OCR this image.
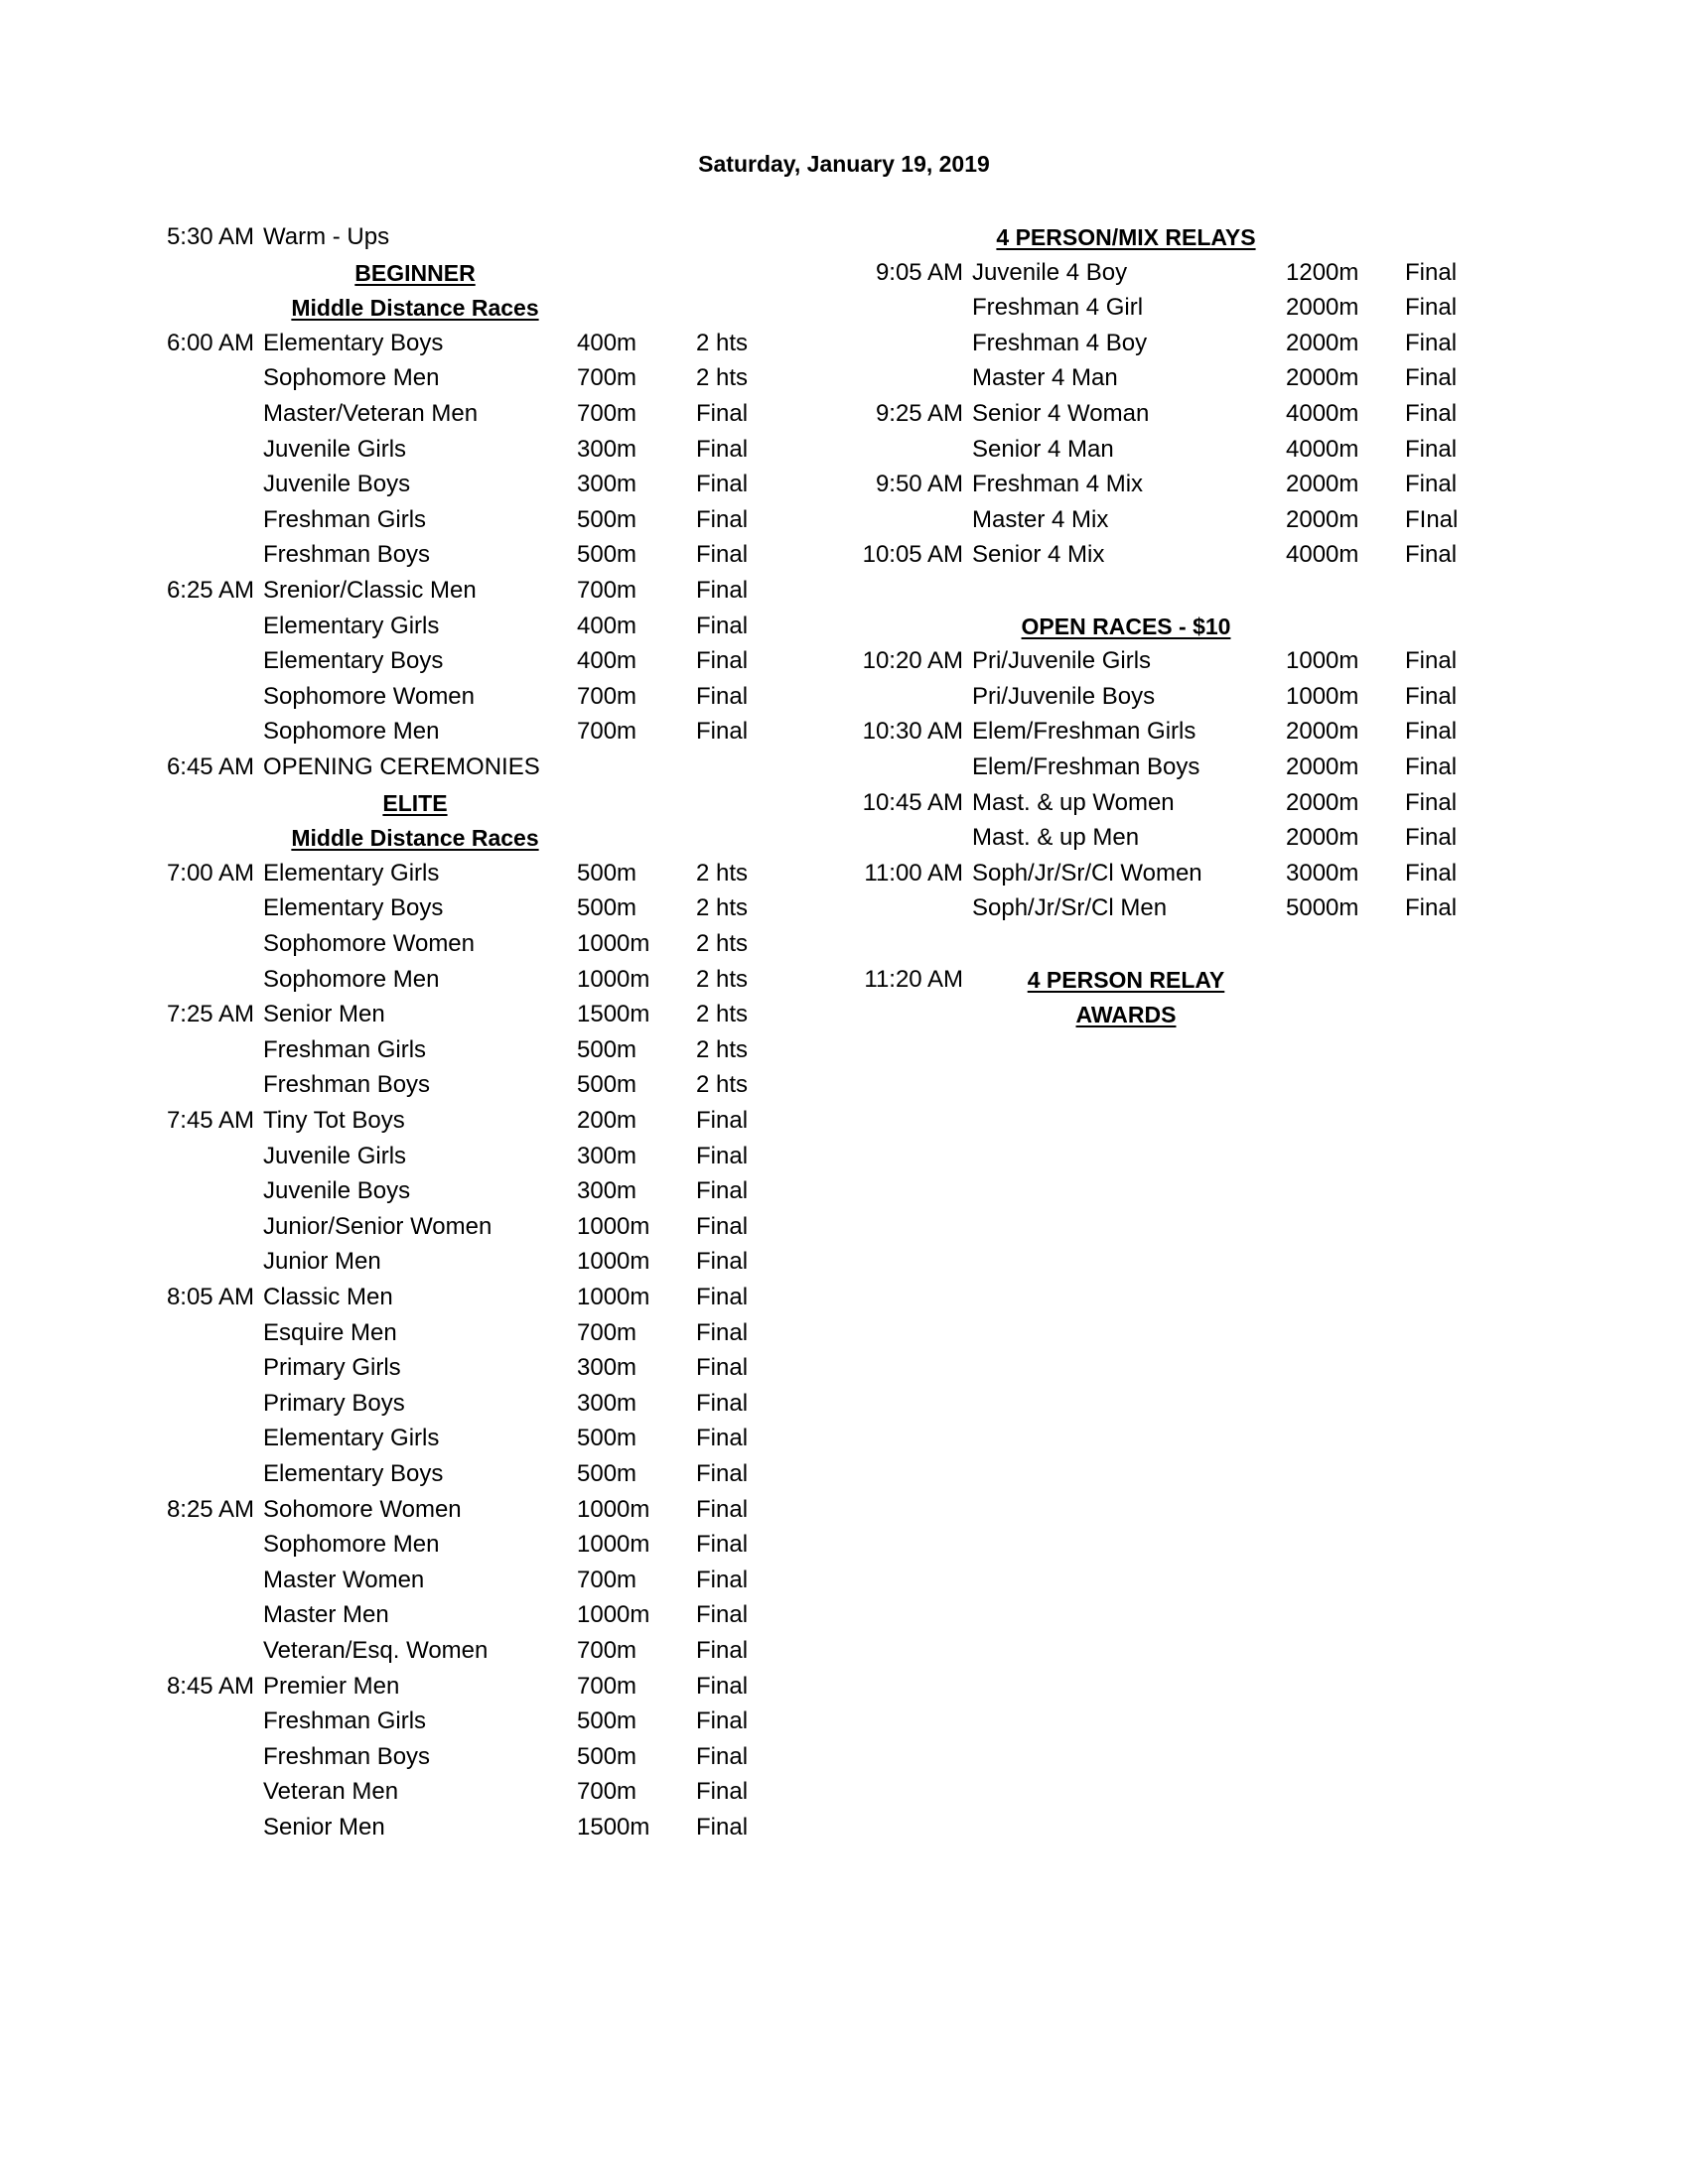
Saturday, January 19, 2019
5:30 AM Warm - Ups
BEGINNER
Middle Distance Races
6:00 AM Elementary Boys	400m 2 hts
Sophomore Men	700m 2 hts
Master/Veteran Men	700m Final
Juvenile Girls	300m Final
Juvenile Boys	300m Final
Freshman Girls	500m Final
Freshman Boys	500m Final
6:25 AM Srenior/Classic Men	700m Final
Elementary Girls	400m Final
Elementary Boys	400m Final
Sophomore Women	700m Final
Sophomore Men	700m Final
6:45 AM OPENING CEREMONIES
ELITE
Middle Distance Races
7:00 AM Elementary Girls	500m 2 hts
Elementary Boys	500m 2 hts
Sophomore Women	1000m 2 hts
Sophomore Men	1000m 2 hts
7:25 AM Senior Men	1500m 2 hts
Freshman Girls	500m 2 hts
Freshman Boys	500m 2 hts
7:45 AM Tiny Tot Boys	200m Final
Juvenile Girls	300m Final
Juvenile Boys	300m Final
Junior/Senior Women	1000m Final
Junior Men	1000m Final
8:05 AM Classic Men	1000m Final
Esquire Men	700m Final
Primary Girls	300m Final
Primary Boys	300m Final
Elementary Girls	500m Final
Elementary Boys	500m Final
8:25 AM Sohomore Women	1000m Final
Sophomore Men	1000m Final
Master Women	700m Final
Master Men	1000m Final
Veteran/Esq. Women	700m Final
8:45 AM Premier Men	700m Final
Freshman Girls	500m Final
Freshman Boys	500m Final
Veteran Men	700m Final
Senior Men	1500m Final
4 PERSON/MIX RELAYS
9:05 AM Juvenile 4 Boy	1200m Final
Freshman 4 Girl	2000m Final
Freshman 4 Boy	2000m Final
Master 4 Man	2000m Final
9:25 AM Senior 4 Woman	4000m Final
Senior 4 Man	4000m Final
9:50 AM Freshman 4 Mix	2000m Final
Master 4 Mix	2000m FInal
10:05 AM Senior 4 Mix	4000m Final
OPEN RACES - $10
10:20 AM Pri/Juvenile Girls	1000m Final
Pri/Juvenile Boys	1000m Final
10:30 AM Elem/Freshman Girls	2000m Final
Elem/Freshman Boys	2000m Final
10:45 AM Mast. & up Women	2000m Final
Mast. & up Men	2000m Final
11:00 AM Soph/Jr/Sr/Cl Women	3000m Final
Soph/Jr/Sr/Cl Men	5000m Final
11:20 AM	4 PERSON RELAY
AWARDS
